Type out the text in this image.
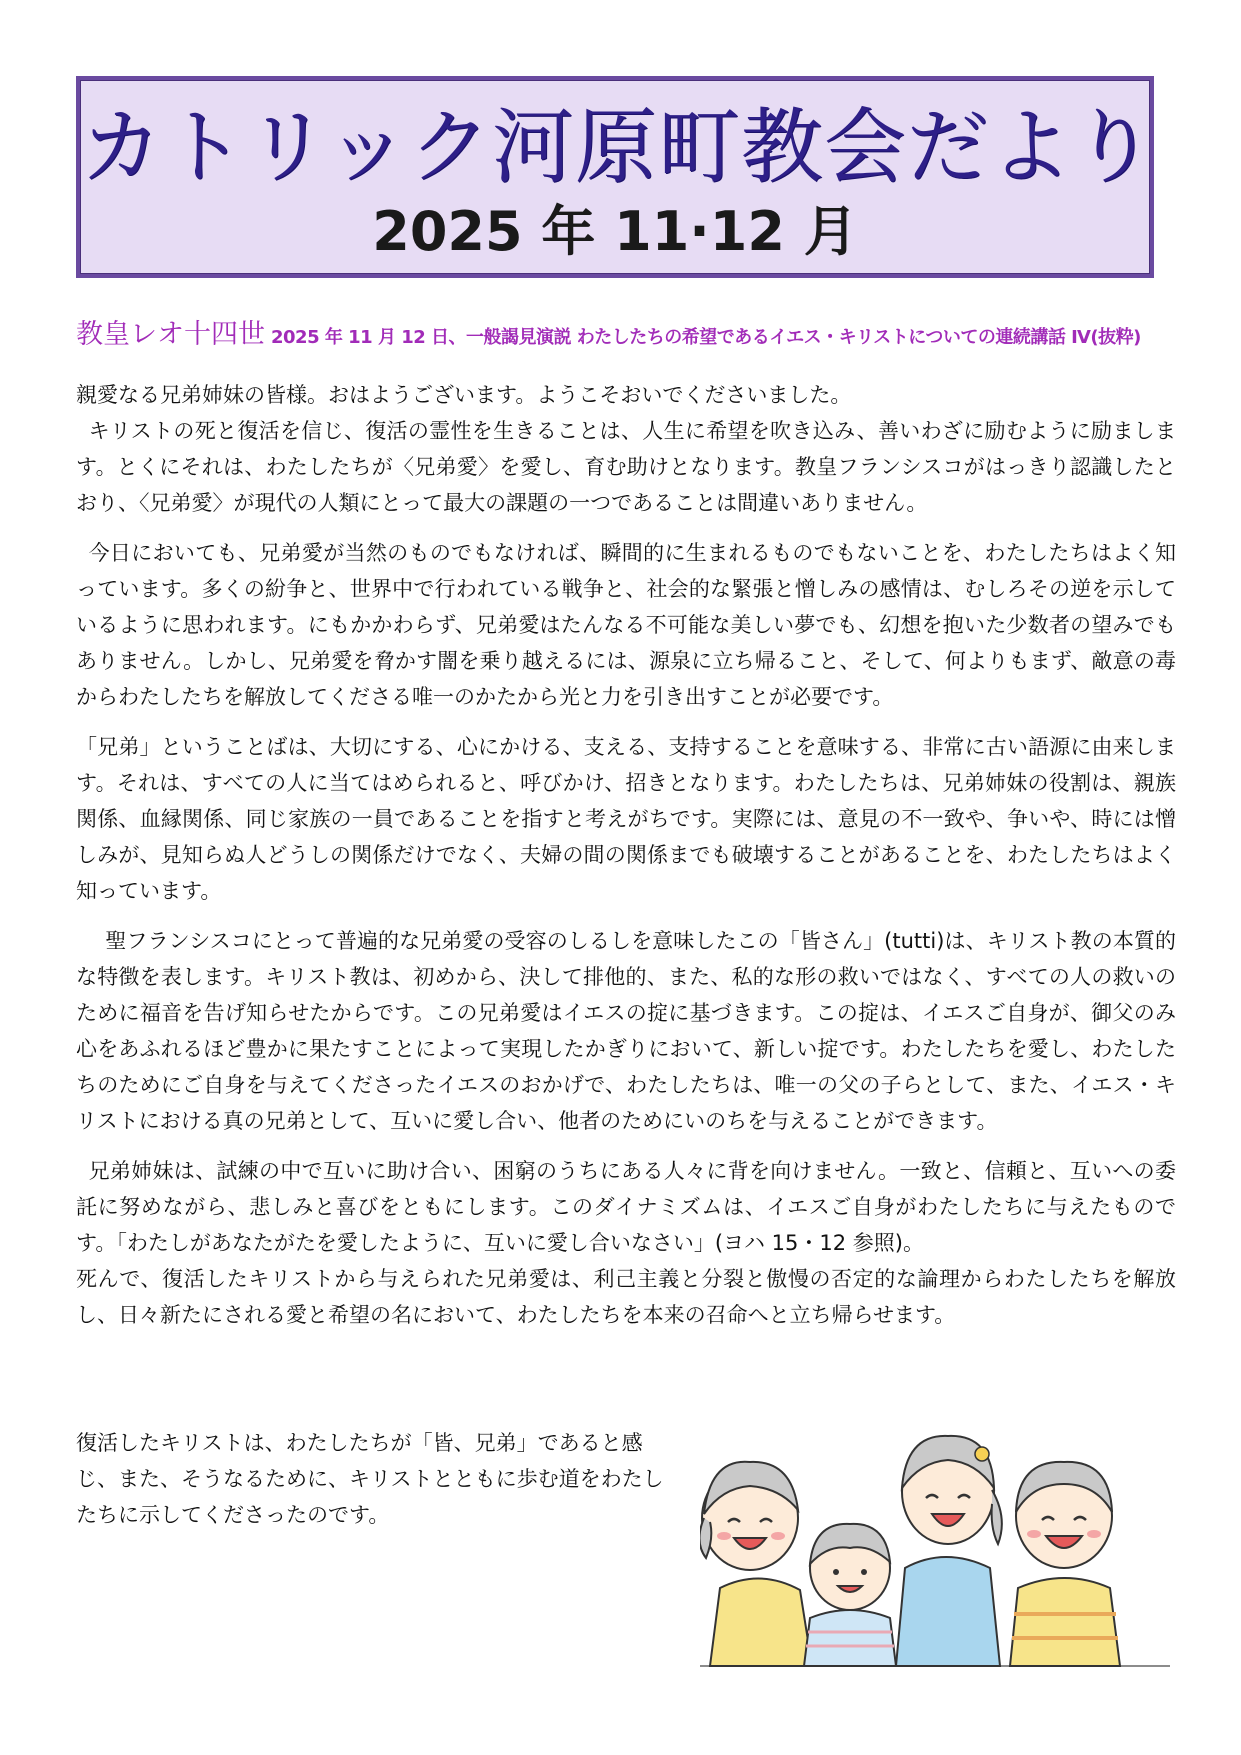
カトリック河原町教会だより
2025 年 11·12 月
教皇レオ十四世 2025 年 11 月 12 日、一般謁見演説 わたしたちの希望であるイエス・キリストについての連続講話 Ⅳ(抜粋)

親愛なる兄弟姉妹の皆様。おはようございます。ようこそおいでくださいました。

キリストの死と復活を信じ、復活の霊性を生きることは、人生に希望を吹き込み、善いわざに励むように励まします。とくにそれは、わたしたちが〈兄弟愛〉を愛し、育む助けとなります。教皇フランシスコがはっきり認識したとおり、〈兄弟愛〉が現代の人類にとって最大の課題の一つであることは間違いありません。

今日においても、兄弟愛が当然のものでもなければ、瞬間的に生まれるものでもないことを、わたしたちはよく知っています。多くの紛争と、世界中で行われている戦争と、社会的な緊張と憎しみの感情は、むしろその逆を示しているように思われます。にもかかわらず、兄弟愛はたんなる不可能な美しい夢でも、幻想を抱いた少数者の望みでもありません。しかし、兄弟愛を脅かす闇を乗り越えるには、源泉に立ち帰ること、そして、何よりもまず、敵意の毒からわたしたちを解放してくださる唯一のかたから光と力を引き出すことが必要です。

「兄弟」ということばは、大切にする、心にかける、支える、支持することを意味する、非常に古い語源に由来します。それは、すべての人に当てはめられると、呼びかけ、招きとなります。わたしたちは、兄弟姉妹の役割は、親族関係、血縁関係、同じ家族の一員であることを指すと考えがちです。実際には、意見の不一致や、争いや、時には憎しみが、見知らぬ人どうしの関係だけでなく、夫婦の間の関係までも破壊することがあることを、わたしたちはよく知っています。

聖フランシスコにとって普遍的な兄弟愛の受容のしるしを意味したこの「皆さん」(tutti)は、キリスト教の本質的な特徴を表します。キリスト教は、初めから、決して排他的、また、私的な形の救いではなく、すべての人の救いのために福音を告げ知らせたからです。この兄弟愛はイエスの掟に基づきます。この掟は、イエスご自身が、御父のみ心をあふれるほど豊かに果たすことによって実現したかぎりにおいて、新しい掟です。わたしたちを愛し、わたしたちのためにご自身を与えてくださったイエスのおかげで、わたしたちは、唯一の父の子らとして、また、イエス・キリストにおける真の兄弟として、互いに愛し合い、他者のためにいのちを与えることができます。

兄弟姉妹は、試練の中で互いに助け合い、困窮のうちにある人々に背を向けません。一致と、信頼と、互いへの委託に努めながら、悲しみと喜びをともにします。このダイナミズムは、イエスご自身がわたしたちに与えたものです。「わたしがあなたがたを愛したように、互いに愛し合いなさい」(ヨハ 15・12 参照)。

死んで、復活したキリストから与えられた兄弟愛は、利己主義と分裂と傲慢の否定的な論理からわたしたちを解放し、日々新たにされる愛と希望の名において、わたしたちを本来の召命へと立ち帰らせます。

復活したキリストは、わたしたちが「皆、兄弟」であると感じ、また、そうなるために、キリストとともに歩む道をわたしたちに示してくださったのです。
